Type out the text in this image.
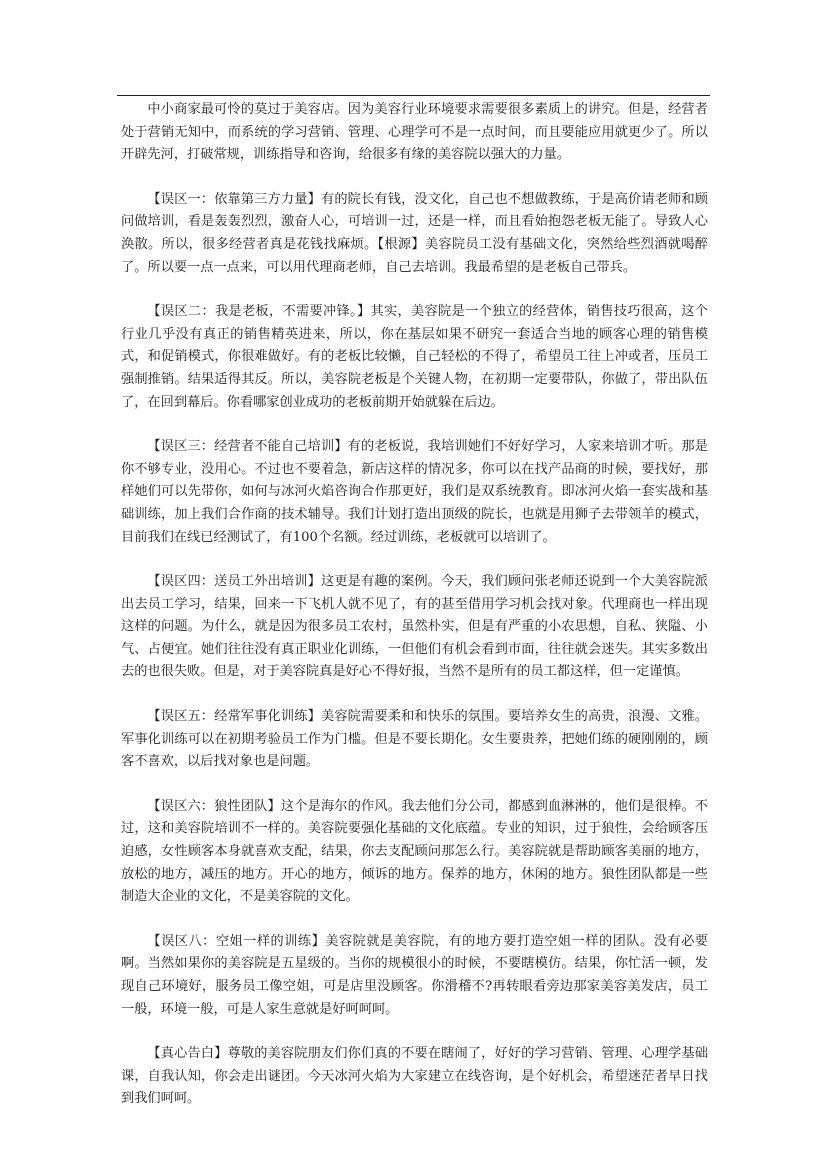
中小商家最可怜的莫过于美容店。因为美容行业环境要求需要很多素质上的讲究。但是，经营者处于营销无知中，而系统的学习营销、管理、心理学可不是一点时间，而且要能应用就更少了。所以开辟先河，打破常规，训练指导和咨询，给很多有缘的美容院以强大的力量。

【误区一：依靠第三方力量】有的院长有钱，没文化，自己也不想做教练，于是高价请老师和顾问做培训，看是轰轰烈烈，激奋人心，可培训一过，还是一样，而且看始抱怨老板无能了。导致人心涣散。所以，很多经营者真是花钱找麻烦。【根源】美容院员工没有基础文化，突然给些烈酒就喝醉了。所以要一点一点来，可以用代理商老师，自己去培训。我最希望的是老板自己带兵。

【误区二：我是老板，不需要冲锋。】其实，美容院是一个独立的经营体，销售技巧很高，这个行业几乎没有真正的销售精英进来，所以，你在基层如果不研究一套适合当地的顾客心理的销售模式，和促销模式，你很难做好。有的老板比较懒，自己轻松的不得了，希望员工往上冲或者，压员工强制推销。结果适得其反。所以，美容院老板是个关键人物，在初期一定要带队，你做了，带出队伍了，在回到幕后。你看哪家创业成功的老板前期开始就躲在后边。

【误区三：经营者不能自己培训】有的老板说，我培训她们不好好学习，人家来培训才听。那是你不够专业，没用心。不过也不要着急，新店这样的情况多，你可以在找产品商的时候，要找好，那样她们可以先带你，如何与冰河火焰咨询合作那更好，我们是双系统教育。即冰河火焰一套实战和基础训练，加上我们合作商的技术辅导。我们计划打造出顶级的院长，也就是用狮子去带领羊的模式，目前我们在线已经测试了，有100个名额。经过训练，老板就可以培训了。

【误区四：送员工外出培训】这更是有趣的案例。今天，我们顾问张老师还说到一个大美容院派出去员工学习，结果，回来一下飞机人就不见了，有的甚至借用学习机会找对象。代理商也一样出现这样的问题。为什么，就是因为很多员工农村，虽然朴实，但是有严重的小农思想，自私、狭隘、小气、占便宜。她们往往没有真正职业化训练，一但他们有机会看到市面，往往就会迷失。其实多数出去的也很失败。但是，对于美容院真是好心不得好报，当然不是所有的员工都这样，但一定谨慎。

【误区五：经常军事化训练】美容院需要柔和和快乐的氛围。要培养女生的高贵，浪漫、文雅。军事化训练可以在初期考验员工作为门槛。但是不要长期化。女生要贵养，把她们练的硬刚刚的，顾客不喜欢，以后找对象也是问题。

【误区六：狼性团队】这个是海尔的作风。我去他们分公司，都感到血淋淋的，他们是很棒。不过，这和美容院培训不一样的。美容院要强化基础的文化底蕴。专业的知识，过于狼性，会给顾客压迫感，女性顾客本身就喜欢支配，结果，你去支配顾问那怎么行。美容院就是帮助顾客美丽的地方，放松的地方，减压的地方。开心的地方，倾诉的地方。保养的地方，休闲的地方。狼性团队都是一些制造大企业的文化，不是美容院的文化。

【误区八：空姐一样的训练】美容院就是美容院，有的地方要打造空姐一样的团队。没有必要啊。当然如果你的美容院是五星级的。当你的规模很小的时候，不要瞎模仿。结果，你忙活一顿，发现自己环境好，服务员工像空姐，可是店里没顾客。你滑稽不?再转眼看旁边那家美容美发店，员工一般，环境一般，可是人家生意就是好呵呵呵。

【真心告白】尊敬的美容院朋友们你们真的不要在瞎闹了，好好的学习营销、管理、心理学基础课，自我认知，你会走出谜团。今天冰河火焰为大家建立在线咨询，是个好机会，希望迷茫者早日找到我们呵呵。
